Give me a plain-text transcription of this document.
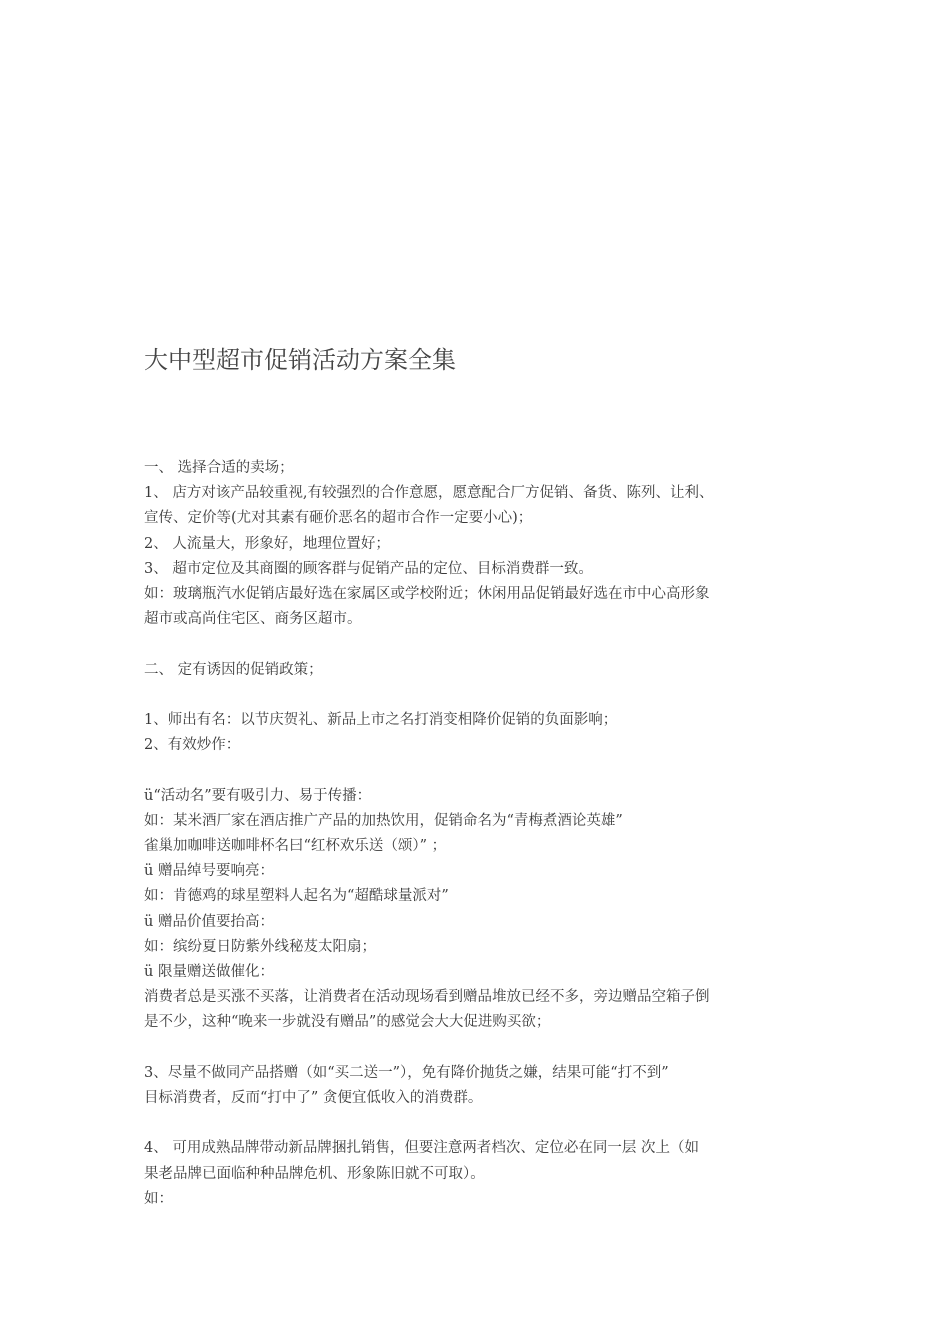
大中型超市促销活动方案全集
一、 选择合适的卖场；
1、 店方对该产品较重视,有较强烈的合作意愿，愿意配合厂方促销、备货、陈列、让利、
宣传、定价等(尤对其素有砸价恶名的超市合作一定要小心)；
2、 人流量大，形象好，地理位置好；
3、 超市定位及其商圈的顾客群与促销产品的定位、目标消费群一致。
如：玻璃瓶汽水促销店最好选在家属区或学校附近；休闲用品促销最好选在市中心高形象
超市或高尚住宅区、商务区超市。
二、 定有诱因的促销政策；
1、师出有名：以节庆贺礼、新品上市之名打消变相降价促销的负面影响；
2、有效炒作：
ü“活动名”要有吸引力、易于传播：
如：某米酒厂家在酒店推广产品的加热饮用，促销命名为“青梅煮酒论英雄”
雀巢加咖啡送咖啡杯名曰“红杯欢乐送（颂）” ；
ü 赠品绰号要响亮：
如：肯德鸡的球星塑料人起名为“超酷球量派对”
ü 赠品价值要抬高：
如：缤纷夏日防紫外线秘芨太阳扇；
ü 限量赠送做催化：
消费者总是买涨不买落，让消费者在活动现场看到赠品堆放已经不多，旁边赠品空箱子倒
是不少，这种“晚来一步就没有赠品”的感觉会大大促进购买欲；
3、尽量不做同产品搭赠（如“买二送一”），免有降价抛货之嫌，结果可能“打不到”
目标消费者，反而“打中了” 贪便宜低收入的消费群。
4、 可用成熟品牌带动新品牌捆扎销售，但要注意两者档次、定位必在同一层 次上（如
果老品牌已面临种种品牌危机、形象陈旧就不可取）。
如：
